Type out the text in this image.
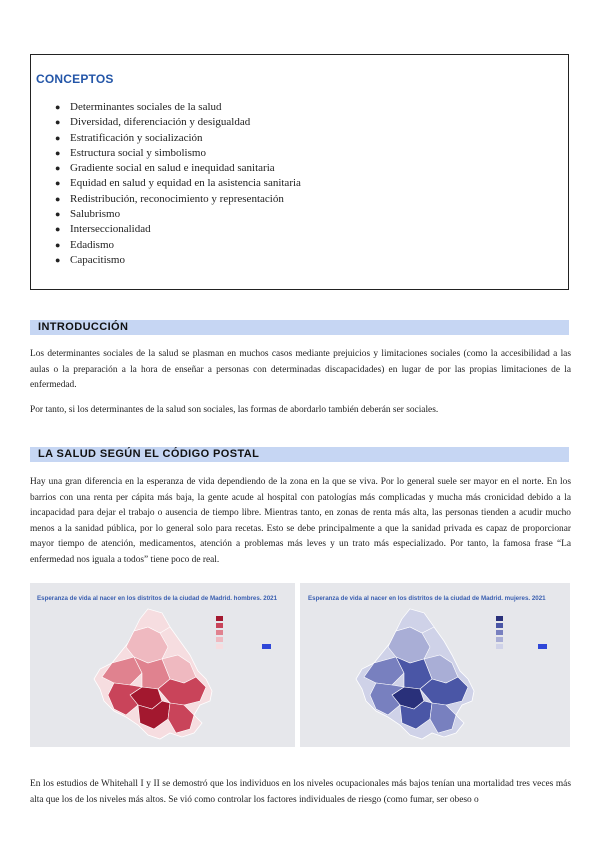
CONCEPTOS
● Determinantes sociales de la salud
● Diversidad, diferenciación y desigualdad
● Estratificación y socialización
● Estructura social y simbolismo
● Gradiente social en salud e inequidad sanitaria
● Equidad en salud y equidad en la asistencia sanitaria
● Redistribución, reconocimiento y representación
● Salubrismo
● Interseccionalidad
● Edadismo
● Capacitismo
INTRODUCCIÓN

Los determinantes sociales de la salud se plasman en muchos casos mediante prejuicios y limitaciones sociales (como la accesibilidad a las aulas o la preparación a la hora de enseñar a personas con determinadas discapacidades) en lugar de por las propias limitaciones de la enfermedad.

Por tanto, si los determinantes de la salud son sociales, las formas de abordarlo también deberán ser sociales.

LA SALUD SEGÚN EL CÓDIGO POSTAL

Hay una gran diferencia en la esperanza de vida dependiendo de la zona en la que se viva. Por lo general suele ser mayor en el norte. En los barrios con una renta per cápita más baja, la gente acude al hospital con patologías más complicadas y mucha más cronicidad debido a la incapacidad para dejar el trabajo o ausencia de tiempo libre. Mientras tanto, en zonas de renta más alta, las personas tienden a acudir mucho menos a la sanidad pública, por lo general solo para recetas. Esto se debe principalmente a que la sanidad privada es capaz de proporcionar mayor tiempo de atención, medicamentos, atención a problemas más leves y un trato más especializado. Por tanto, la famosa frase “La enfermedad nos iguala a todos” tiene poco de real.

Esperanza de vida al nacer en los distritos de la ciudad de Madrid. hombres. 2021	Esperanza de vida al nacer en los distritos de la ciudad de Madrid. mujeres. 2021

En los estudios de Whitehall I y II se demostró que los individuos en los niveles ocupacionales más bajos tenían una mortalidad tres veces más alta que los de los niveles más altos. Se vió como controlar los factores individuales de riesgo (como fumar, ser obeso o
